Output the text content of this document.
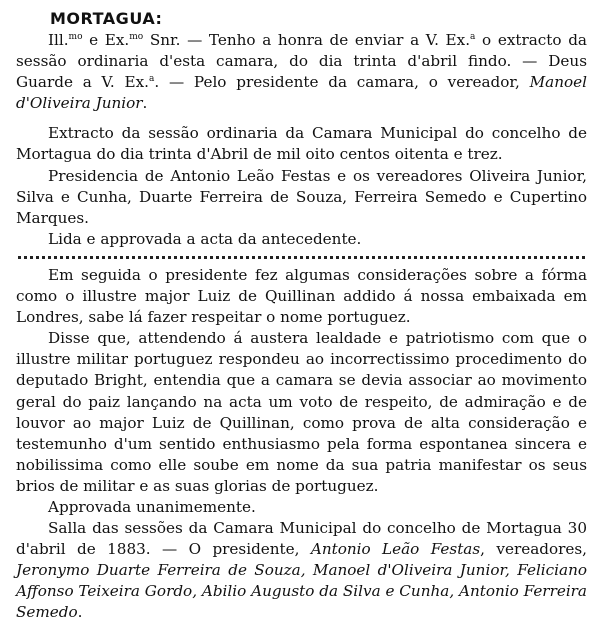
MORTAGUA:

Ill.$^{mo}$ e Ex.$^{mo}$ Snr. — Tenho a honra de enviar a V. Ex.$^a$ o extracto da sessão ordinaria d'esta camara, do dia trinta d'abril findo. — Deus Guarde a V. Ex.$^a$. — Pelo presidente da camara, o vereador, Manoel d'Oliveira Junior.

Extracto da sessão ordinaria da Camara Municipal do concelho de Mortagua do dia trinta d'Abril de mil oito centos oitenta e trez.

Presidencia de Antonio Leão Festas e os vereadores Oliveira Junior, Silva e Cunha, Duarte Ferreira de Souza, Ferreira Semedo e Cupertino Marques.

Lida e approvada a acta da antecedente.

Em seguida o presidente fez algumas considerações sobre a fórma como o illustre major Luiz de Quillinan addido á nossa embaixada em Londres, sabe lá fazer respeitar o nome portuguez.

Disse que, attendendo á austera lealdade e patriotismo com que o illustre militar portuguez respondeu ao incorrectissimo procedimento do deputado Bright, entendia que a camara se devia associar ao movimento geral do paiz lançando na acta um voto de respeito, de admiração e de louvor ao major Luiz de Quillinan, como prova de alta consideração e testemunho d'um sentido enthusiasmo pela forma espontanea sincera e nobilissima como elle soube em nome da sua patria manifestar os seus brios de militar e as suas glorias de portuguez.

Approvada unanimemente.

Salla das sessões da Camara Municipal do concelho de Mortagua 30 d'abril de 1883. — O presidente, Antonio Leão Festas, vereadores, Jeronymo Duarte Ferreira de Souza, Manoel d'Oliveira Junior, Feliciano Affonso Teixeira Gordo, Abilio Augusto da Silva e Cunha, Antonio Ferreira Semedo.
